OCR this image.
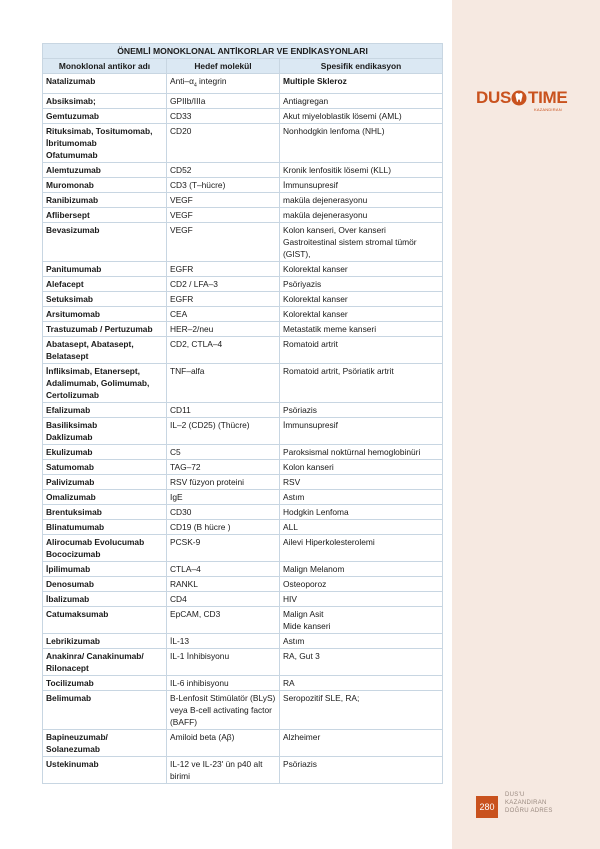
DUS TIME
KAZANDIRAN
280
DUS'U
KAZANDIRAN
DOĞRU ADRES
ÖNEMLİ MONOKLONAL ANTİKORLAR VE ENDİKASYONLARI		
Monoklonal antikor adı	Hedef molekül	Spesifik endikasyon
Natalizumab	Anti–$\alpha_4$ integrin	Multiple Skleroz

Absiksimab;	GPIIb/IIIa	Antiagregan

Gemtuzumab	CD33	Akut miyeloblastik lösemi (AML)

Rituksimab, Tositumomab, İbritumomab
Ofatumumab	CD20	Nonhodgkin lenfoma (NHL)

Alemtuzumab	CD52	Kronik lenfositik lösemi (KLL)

Muromonab	CD3 (T–hücre)	İmmunsupresif

Ranibizumab	VEGF	maküla dejenerasyonu

Aflibersept	VEGF	maküla dejenerasyonu

Bevasizumab	VEGF	Kolon kanseri, Over kanseri
Gastroitestinal sistem stromal tümör (GIST),

Panitumumab	EGFR	Kolorektal kanser

Alefacept	CD2 / LFA–3	Psöriyazis

Setuksimab	EGFR	Kolorektal kanser

Arsitumomab	CEA	Kolorektal kanser

Trastuzumab / Pertuzumab	HER–2/neu	Metastatik meme kanseri

Abatasept, Abatasept, Belatasept	CD2, CTLA–4	Romatoid artrit

İnfliksimab, Etanersept, Adalimumab, Golimumab, Certolizumab	TNF–alfa	Romatoid artrit, Psöriatik artrit

Efalizumab	CD11	Psöriazis

Basiliksimab
Daklizumab	IL–2 (CD25) (Thücre)	İmmunsupresif

Ekulizumab	C5	Paroksismal noktürnal hemoglobinüri

Satumomab	TAG–72	Kolon kanseri

Palivizumab	RSV füzyon proteini	RSV

Omalizumab	IgE	Astım

Brentuksimab	CD30	Hodgkin Lenfoma

Blinatumumab	CD19 (B hücre )	ALL

Alirocumab Evolucumab Bococizumab	PCSK-9	Ailevi Hiperkolesterolemi

İpilimumab	CTLA–4	Malign Melanom

Denosumab	RANKL	Osteoporoz

İbalizumab	CD4	HIV

Catumaksumab	EpCAM, CD3	Malign Asit
Mide kanseri

Lebrikizumab	İL-13	Astım

Anakinra/ Canakinumab/ Rilonacept	IL-1 İnhibisyonu	RA, Gut 3

Tocilizumab	IL-6 inhibisyonu	RA

Belimumab	B-Lenfosit Stimülatör (BLyS) veya B-cell activating factor (BAFF)	Seropozitif SLE, RA;

Bapineuzumab/ Solanezumab	Amiloid beta (Aβ)	Alzheimer

Ustekinumab	IL-12 ve IL-23' ün p40 alt birimi	Psöriazis
